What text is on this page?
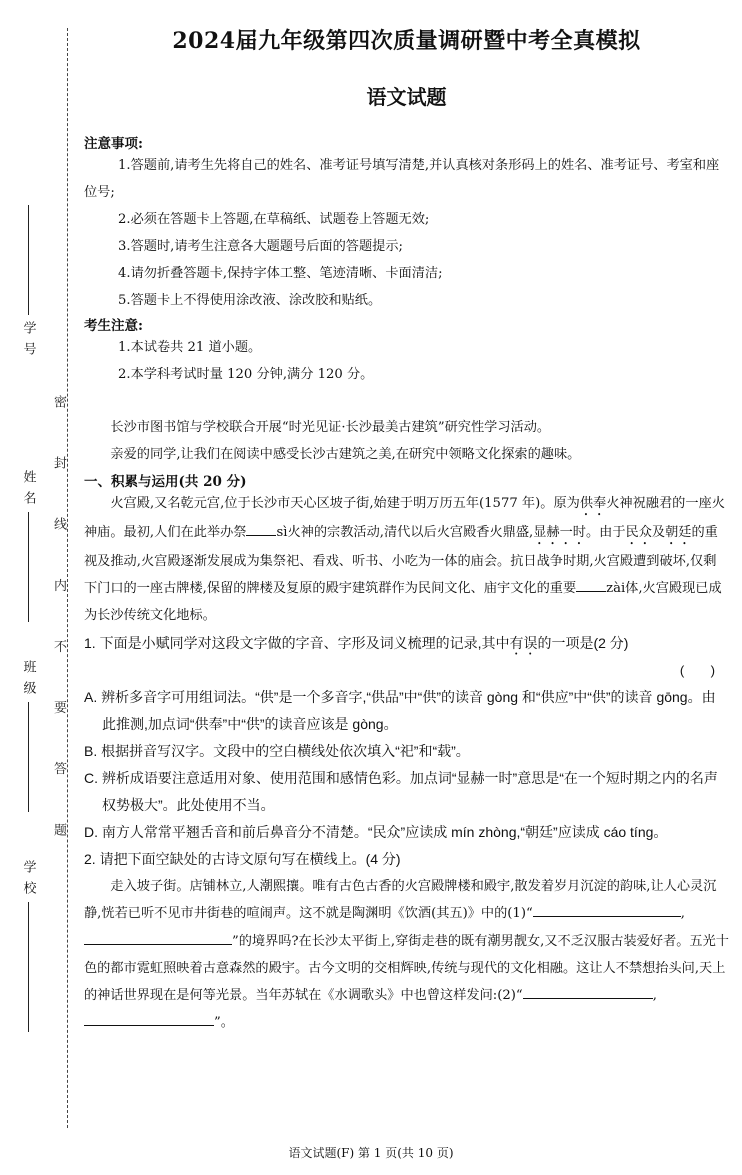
学 校
班 级
姓 名
学 号
密 封 线 内 不 要 答 题
2024届九年级第四次质量调研暨中考全真模拟
语文试题
注意事项:

1.答题前,请考生先将自己的姓名、准考证号填写清楚,并认真核对条形码上的姓名、准考证号、考室和座位号;

2.必须在答题卡上答题,在草稿纸、试题卷上答题无效;

3.答题时,请考生注意各大题题号后面的答题提示;

4.请勿折叠答题卡,保持字体工整、笔迹清晰、卡面清洁;

5.答题卡上不得使用涂改液、涂改胶和贴纸。

考生注意:

1.本试卷共 21 道小题。

2.本学科考试时量 120 分钟,满分 120 分。

长沙市图书馆与学校联合开展“时光见证·长沙最美古建筑”研究性学习活动。

亲爱的同学,让我们在阅读中感受长沙古建筑之美,在研究中领略文化探索的趣味。

一、积累与运用(共 20 分)

火宫殿,又名乾元宫,位于长沙市天心区坡子街,始建于明万历五年(1577 年)。原为供奉火神祝融君的一座火神庙。最初,人们在此举办祭 sì火神的宗教活动,清代以后火宫殿香火鼎盛,显赫一时。由于民众及朝廷的重视及推动,火宫殿逐渐发展成为集祭祀、看戏、听书、小吃为一体的庙会。抗日战争时期,火宫殿遭到破坏,仅剩下门口的一座古牌楼,保留的牌楼及复原的殿宇建筑群作为民间文化、庙宇文化的重要 zài体,火宫殿现已成为长沙传统文化地标。

1. 下面是小赋同学对这段文字做的字音、字形及词义梳理的记录,其中有误的一项是(2 分)

(　　)

A. 辨析多音字可用组词法。“供”是一个多音字,“供品”中“供”的读音 gòng 和“供应”中“供”的读音 gōng。由此推测,加点词“供奉”中“供”的读音应该是 gòng。

B. 根据拼音写汉字。文段中的空白横线处依次填入“祀”和“载”。

C. 辨析成语要注意适用对象、使用范围和感情色彩。加点词“显赫一时”意思是“在一个短时期之内的名声权势极大”。此处使用不当。

D. 南方人常常平翘舌音和前后鼻音分不清楚。“民众”应读成 mín zhòng,“朝廷”应读成 cáo tíng。

2. 请把下面空缺处的古诗文原句写在横线上。(4 分)

走入坡子街。店铺林立,人潮熙攘。唯有古色古香的火宫殿牌楼和殿宇,散发着岁月沉淀的韵味,让人心灵沉静,恍若已听不见市井街巷的喧闹声。这不就是陶渊明《饮酒(其五)》中的(1)“	,”的境界吗?在长沙太平街上,穿街走巷的既有潮男靓女,又不乏汉服古装爱好者。五光十色的都市霓虹照映着古意森然的殿宇。古今文明的交相辉映,传统与现代的文化相融。这让人不禁想抬头问,天上的神话世界现在是何等光景。当年苏轼在《水调歌头》中也曾这样发问:(2)“	,”。

语文试题(F) 第 1 页(共 10 页)
